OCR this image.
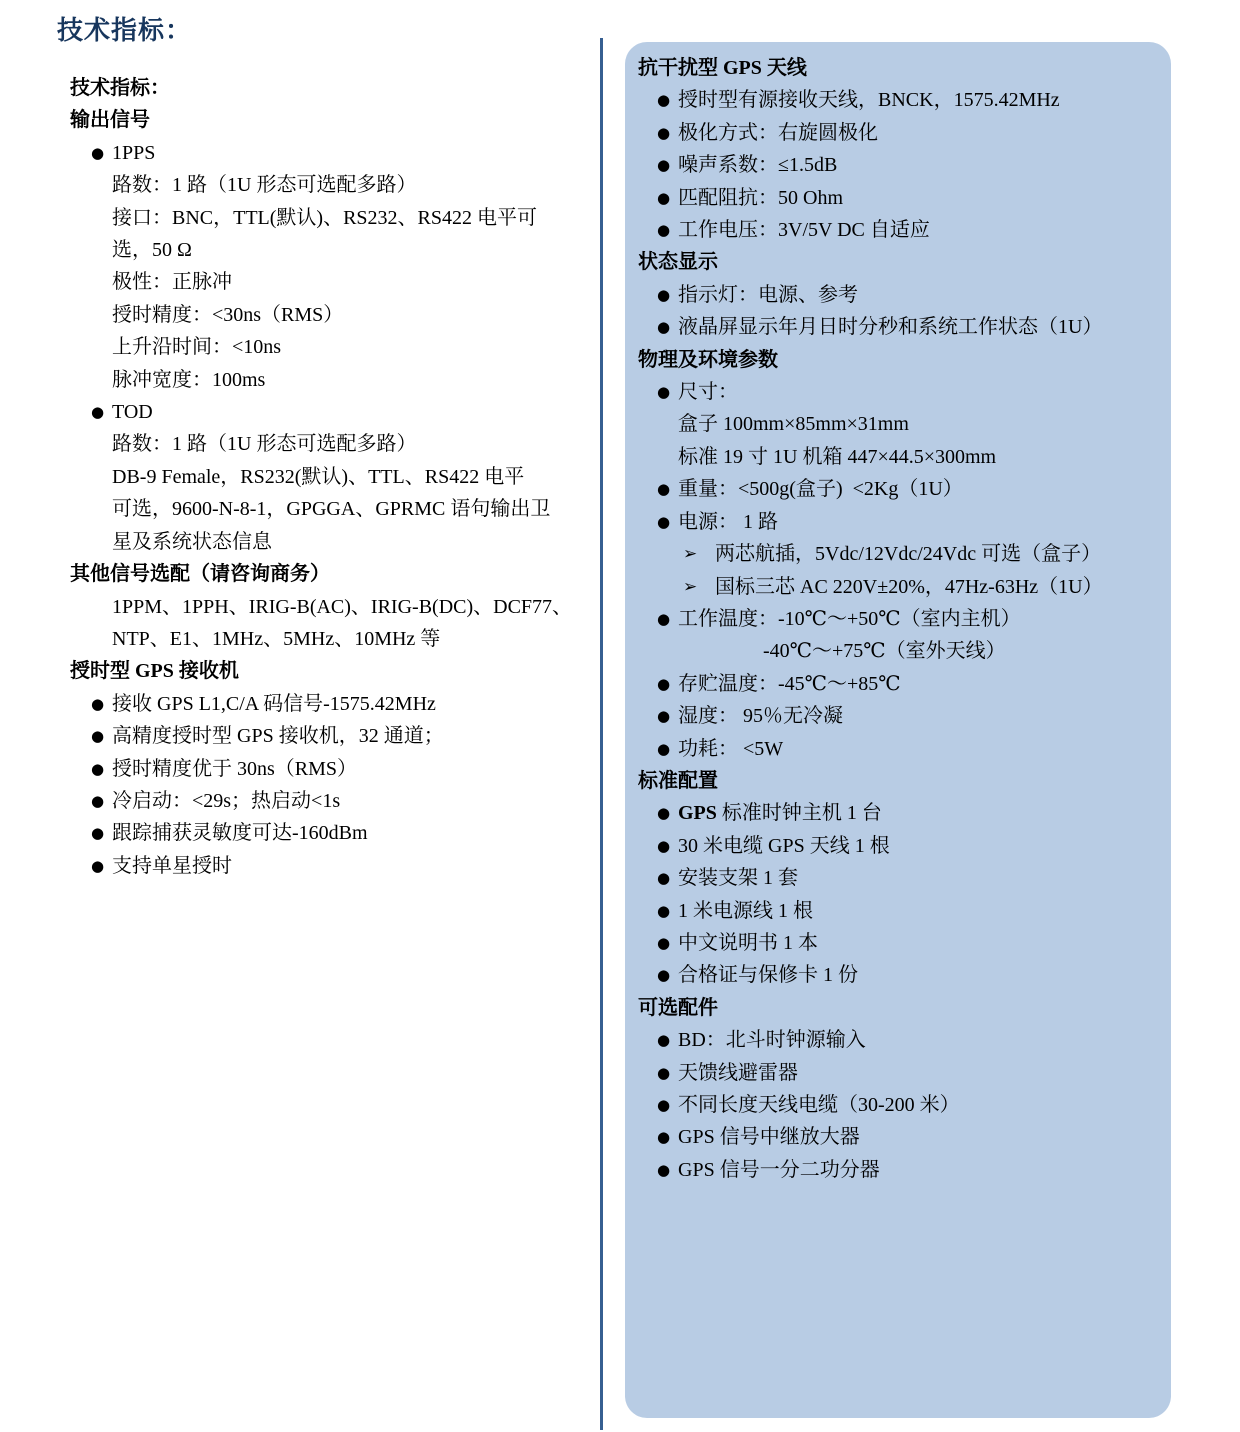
技术指标：
技术指标：
输出信号
● 1PPS
路数：1 路（1U 形态可选配多路）
接口：BNC，TTL(默认)、RS232、RS422 电平可
选，50 Ω
极性：正脉冲
授时精度：<30ns（RMS）
上升沿时间：<10ns
脉冲宽度：100ms
● TOD
路数：1 路（1U 形态可选配多路）
DB-9 Female，RS232(默认)、TTL、RS422 电平
可选，9600-N-8-1，GPGGA、GPRMC 语句输出卫
星及系统状态信息
其他信号选配（请咨询商务）
1PPM、1PPH、IRIG-B(AC)、IRIG-B(DC)、DCF77、
NTP、E1、1MHz、5MHz、10MHz 等
授时型 GPS 接收机
● 接收 GPS L1,C/A 码信号-1575.42MHz
● 高精度授时型 GPS 接收机，32 通道；
● 授时精度优于 30ns（RMS）
● 冷启动：<29s；热启动<1s
● 跟踪捕获灵敏度可达-160dBm
● 支持单星授时
抗干扰型 GPS 天线
● 授时型有源接收天线，BNCK，1575.42MHz
● 极化方式：右旋圆极化
● 噪声系数：≤1.5dB
● 匹配阻抗：50 Ohm
● 工作电压：3V/5V DC 自适应
状态显示
● 指示灯：电源、参考
● 液晶屏显示年月日时分秒和系统工作状态（1U）
物理及环境参数
● 尺寸：
盒子 100mm×85mm×31mm
标准 19 寸 1U 机箱 447×44.5×300mm
● 重量：<500g(盒子)  <2Kg（1U）
● 电源： 1 路
➢ 两芯航插，5Vdc/12Vdc/24Vdc 可选（盒子）
➢ 国标三芯 AC 220V±20%，47Hz-63Hz（1U）
● 工作温度：-10℃～+50℃（室内主机）
-40℃～+75℃（室外天线）
● 存贮温度：-45℃～+85℃
● 湿度： 95％无冷凝
● 功耗： <5W
标准配置
● GPS 标准时钟主机 1 台
● 30 米电缆 GPS 天线 1 根
● 安装支架 1 套
● 1 米电源线 1 根
● 中文说明书 1 本
● 合格证与保修卡 1 份
可选配件
● BD：北斗时钟源输入
● 天馈线避雷器
● 不同长度天线电缆（30-200 米）
● GPS 信号中继放大器
● GPS 信号一分二功分器
